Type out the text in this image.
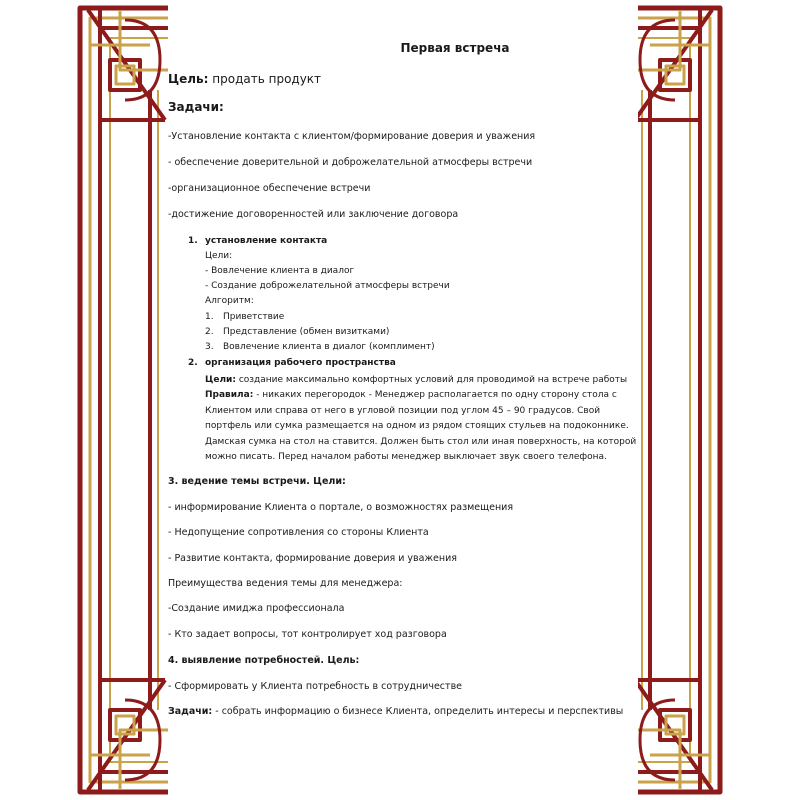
Первая встреча
Цель: продать продукт
Задачи:
-Установление контакта с клиентом/формирование доверия и уважения
- обеспечение доверительной и доброжелательной атмосферы встречи
-организационное обеспечение встречи
-достижение договоренностей или заключение договора
1. установление контакта
Цели:
- Вовлечение клиента в диалог
- Создание доброжелательной атмосферы встречи
Алгоритм:
1. Приветствие
2. Представление (обмен визитками)
3. Вовлечение клиента в диалог (комплимент)
2. организация рабочего пространства
Цели: создание максимально комфортных условий для проводимой на встрече работы
Правила: - никаких перегородок - Менеджер располагается по одну сторону стола с Клиентом или справа от него в угловой позиции под углом 45 – 90 градусов. Свой портфель или сумка размещается на одном из рядом стоящих стульев на подоконнике. Дамская сумка на стол на ставится. Должен быть стол или иная поверхность, на которой можно писать. Перед началом работы менеджер выключает звук своего телефона.
3. ведение темы встречи. Цели:
- информирование Клиента о портале, о возможностях размещения
- Недопущение сопротивления со стороны Клиента
- Развитие контакта, формирование доверия и уважения
Преимущества ведения темы для менеджера:
-Создание имиджа профессионала
- Кто задает вопросы, тот контролирует ход разговора
4. выявление потребностей. Цель:
- Сформировать у Клиента потребность в сотрудничестве
Задачи: - собрать информацию о бизнесе Клиента, определить интересы и перспективы
